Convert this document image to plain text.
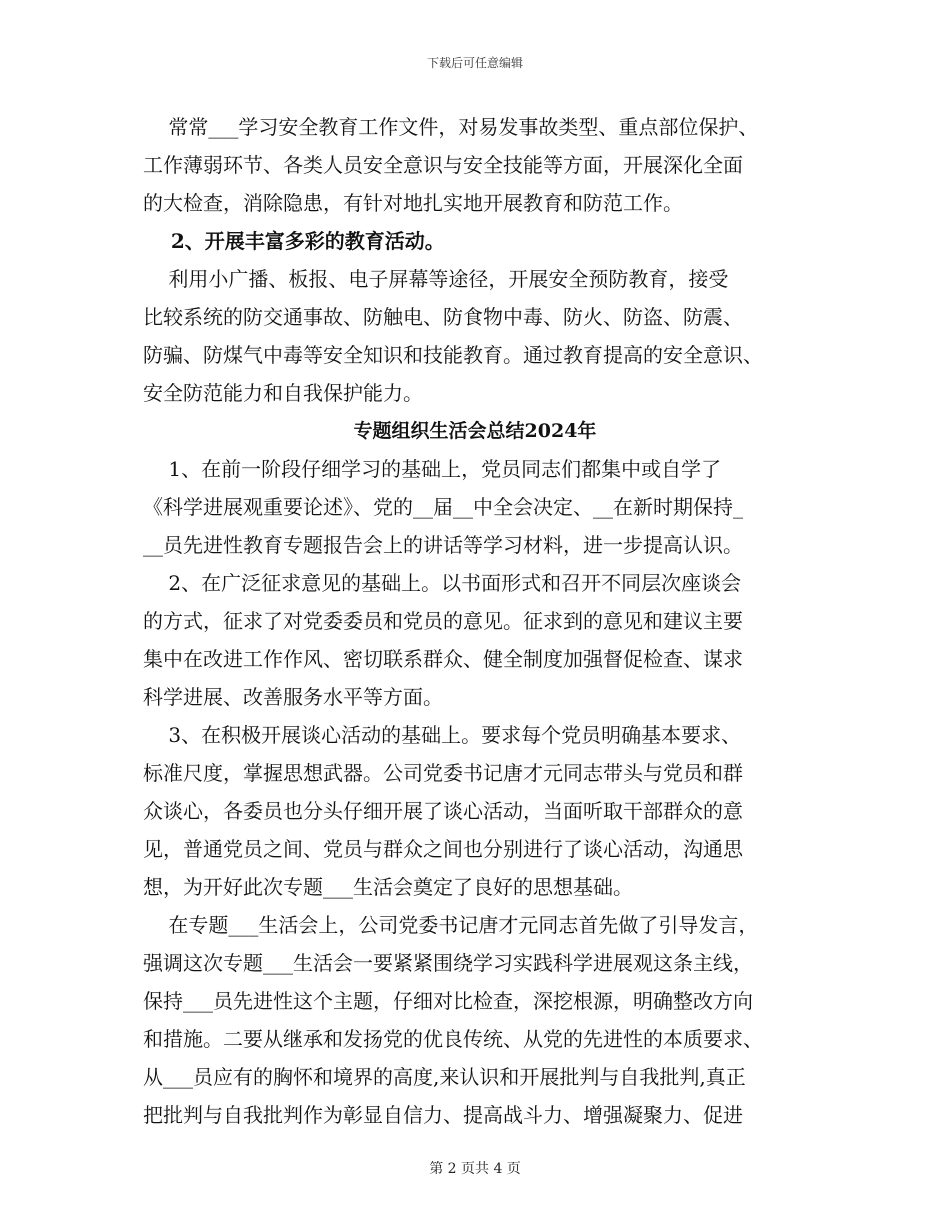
下载后可任意编辑
常常___学习安全教育工作文件，对易发事故类型、重点部位保护、
工作薄弱环节、各类人员安全意识与安全技能等方面，开展深化全面
的大检查，消除隐患，有针对地扎实地开展教育和防范工作。
2、开展丰富多彩的教育活动。
利用小广播、板报、电子屏幕等途径，开展安全预防教育，接受
比较系统的防交通事故、防触电、防食物中毒、防火、防盗、防震、
防骗、防煤气中毒等安全知识和技能教育。通过教育提高的安全意识、
安全防范能力和自我保护能力。
专题组织生活会总结2024年
1、在前一阶段仔细学习的基础上，党员同志们都集中或自学了
《科学进展观重要论述》、党的__届__中全会决定、__在新时期保持_
__员先进性教育专题报告会上的讲话等学习材料，进一步提高认识。
2、在广泛征求意见的基础上。以书面形式和召开不同层次座谈会
的方式，征求了对党委委员和党员的意见。征求到的意见和建议主要
集中在改进工作作风、密切联系群众、健全制度加强督促检查、谋求
科学进展、改善服务水平等方面。
3、在积极开展谈心活动的基础上。要求每个党员明确基本要求、
标准尺度，掌握思想武器。公司党委书记唐才元同志带头与党员和群
众谈心，各委员也分头仔细开展了谈心活动，当面听取干部群众的意
见，普通党员之间、党员与群众之间也分别进行了谈心活动，沟通思
想，为开好此次专题___生活会奠定了良好的思想基础。
在专题___生活会上，公司党委书记唐才元同志首先做了引导发言，
强调这次专题___生活会一要紧紧围绕学习实践科学进展观这条主线，
保持___员先进性这个主题，仔细对比检查，深挖根源，明确整改方向
和措施。二要从继承和发扬党的优良传统、从党的先进性的本质要求、
从___员应有的胸怀和境界的高度,来认识和开展批判与自我批判,真正
把批判与自我批判作为彰显自信力、提高战斗力、增强凝聚力、促进
第 2 页共 4 页
